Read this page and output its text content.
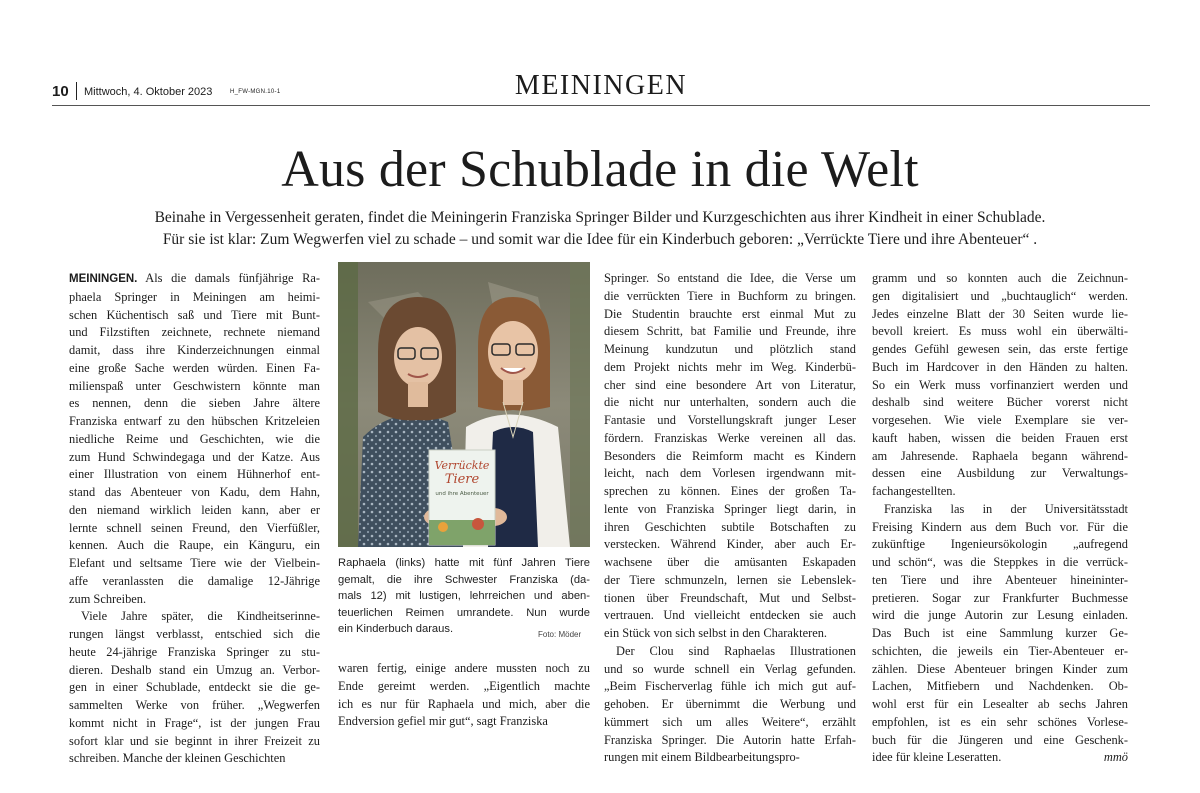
10 Mittwoch, 4. Oktober 2023	H_FW-MGN.10-1	MEININGEN
Aus der Schublade in die Welt
Beinahe in Vergessenheit geraten, findet die Meiningerin Franziska Springer Bilder und Kurzgeschichten aus ihrer Kindheit in einer Schublade.
Für sie ist klar: Zum Wegwerfen viel zu schade – und somit war die Idee für ein Kinderbuch geboren: „Verrückte Tiere und ihre Abenteuer“ .
MEININGEN. Als die damals fünfjährige Ra-
phaela Springer in Meiningen am heimi-
schen Küchentisch saß und Tiere mit Bunt-
und Filzstiften zeichnete, rechnete niemand
damit, dass ihre Kinderzeichnungen einmal
eine große Sache werden würden. Einen Fa-
milienspaß unter Geschwistern könnte man
es nennen, denn die sieben Jahre ältere
Franziska entwarf zu den hübschen Kritzeleien
niedliche Reime und Geschichten, wie die
zum Hund Schwindegaga und der Katze. Aus
einer Illustration von einem Hühnerhof ent-
stand das Abenteuer von Kadu, dem Hahn,
den niemand wirklich leiden kann, aber er
lernte schnell seinen Freund, den Vierfüßler,
kennen. Auch die Raupe, ein Känguru, ein
Elefant und seltsame Tiere wie der Vielbein-
affe veranlassten die damalige 12-Jährige
zum Schreiben.
Viele Jahre später, die Kindheitserinne-
rungen längst verblasst, entschied sich die
heute 24-jährige Franziska Springer zu stu-
dieren. Deshalb stand ein Umzug an. Verbor-
gen in einer Schublade, entdeckt sie die ge-
sammelten Werke von früher. „Wegwerfen
kommt nicht in Frage“, ist der jungen Frau
sofort klar und sie beginnt in ihrer Freizeit zu
schreiben. Manche der kleinen Geschichten
Verrückte
Tiere
und ihre Abenteuer
Raphaela (links) hatte mit fünf Jahren Tiere
gemalt, die ihre Schwester Franziska (da-
mals 12) mit lustigen, lehrreichen und aben-
teuerlichen Reimen umrandete. Nun wurde
ein Kinderbuch daraus.	Foto: Möder
waren fertig, einige andere mussten noch zu
Ende gereimt werden. „Eigentlich machte
ich es nur für Raphaela und mich, aber die
Endversion gefiel mir gut“, sagt Franziska
Springer. So entstand die Idee, die Verse um
die verrückten Tiere in Buchform zu bringen.
Die Studentin brauchte erst einmal Mut zu
diesem Schritt, bat Familie und Freunde, ihre
Meinung kundzutun und plötzlich stand
dem Projekt nichts mehr im Weg. Kinderbü-
cher sind eine besondere Art von Literatur,
die nicht nur unterhalten, sondern auch die
Fantasie und Vorstellungskraft junger Leser
fördern. Franziskas Werke vereinen all das.
Besonders die Reimform macht es Kindern
leicht, nach dem Vorlesen irgendwann mit-
sprechen zu können. Eines der großen Ta-
lente von Franziska Springer liegt darin, in
ihren Geschichten subtile Botschaften zu
verstecken. Während Kinder, aber auch Er-
wachsene über die amüsanten Eskapaden
der Tiere schmunzeln, lernen sie Lebenslek-
tionen über Freundschaft, Mut und Selbst-
vertrauen. Und vielleicht entdecken sie auch
ein Stück von sich selbst in den Charakteren.
Der Clou sind Raphaelas Illustrationen
und so wurde schnell ein Verlag gefunden.
„Beim Fischerverlag fühle ich mich gut auf-
gehoben. Er übernimmt die Werbung und
kümmert sich um alles Weitere“, erzählt
Franziska Springer. Die Autorin hatte Erfah-
rungen mit einem Bildbearbeitungspro-
gramm und so konnten auch die Zeichnun-
gen digitalisiert und „buchtauglich“ werden.
Jedes einzelne Blatt der 30 Seiten wurde lie-
bevoll kreiert. Es muss wohl ein überwälti-
gendes Gefühl gewesen sein, das erste fertige
Buch im Hardcover in den Händen zu halten.
So ein Werk muss vorfinanziert werden und
deshalb sind weitere Bücher vorerst nicht
vorgesehen. Wie viele Exemplare sie ver-
kauft haben, wissen die beiden Frauen erst
am Jahresende. Raphaela begann während-
dessen eine Ausbildung zur Verwaltungs-
fachangestellten.
Franziska las in der Universitätsstadt
Freising Kindern aus dem Buch vor. Für die
zukünftige Ingenieursökologin „aufregend
und schön“, was die Steppkes in die verrück-
ten Tiere und ihre Abenteuer hineininter-
pretieren. Sogar zur Frankfurter Buchmesse
wird die junge Autorin zur Lesung einladen.
Das Buch ist eine Sammlung kurzer Ge-
schichten, die jeweils ein Tier-Abenteuer er-
zählen. Diese Abenteuer bringen Kinder zum
Lachen, Mitfiebern und Nachdenken. Ob-
wohl erst für ein Lesealter ab sechs Jahren
empfohlen, ist es ein sehr schönes Vorlese-
buch für die Jüngeren und eine Geschenk-
idee für kleine Leseratten.	mmö
